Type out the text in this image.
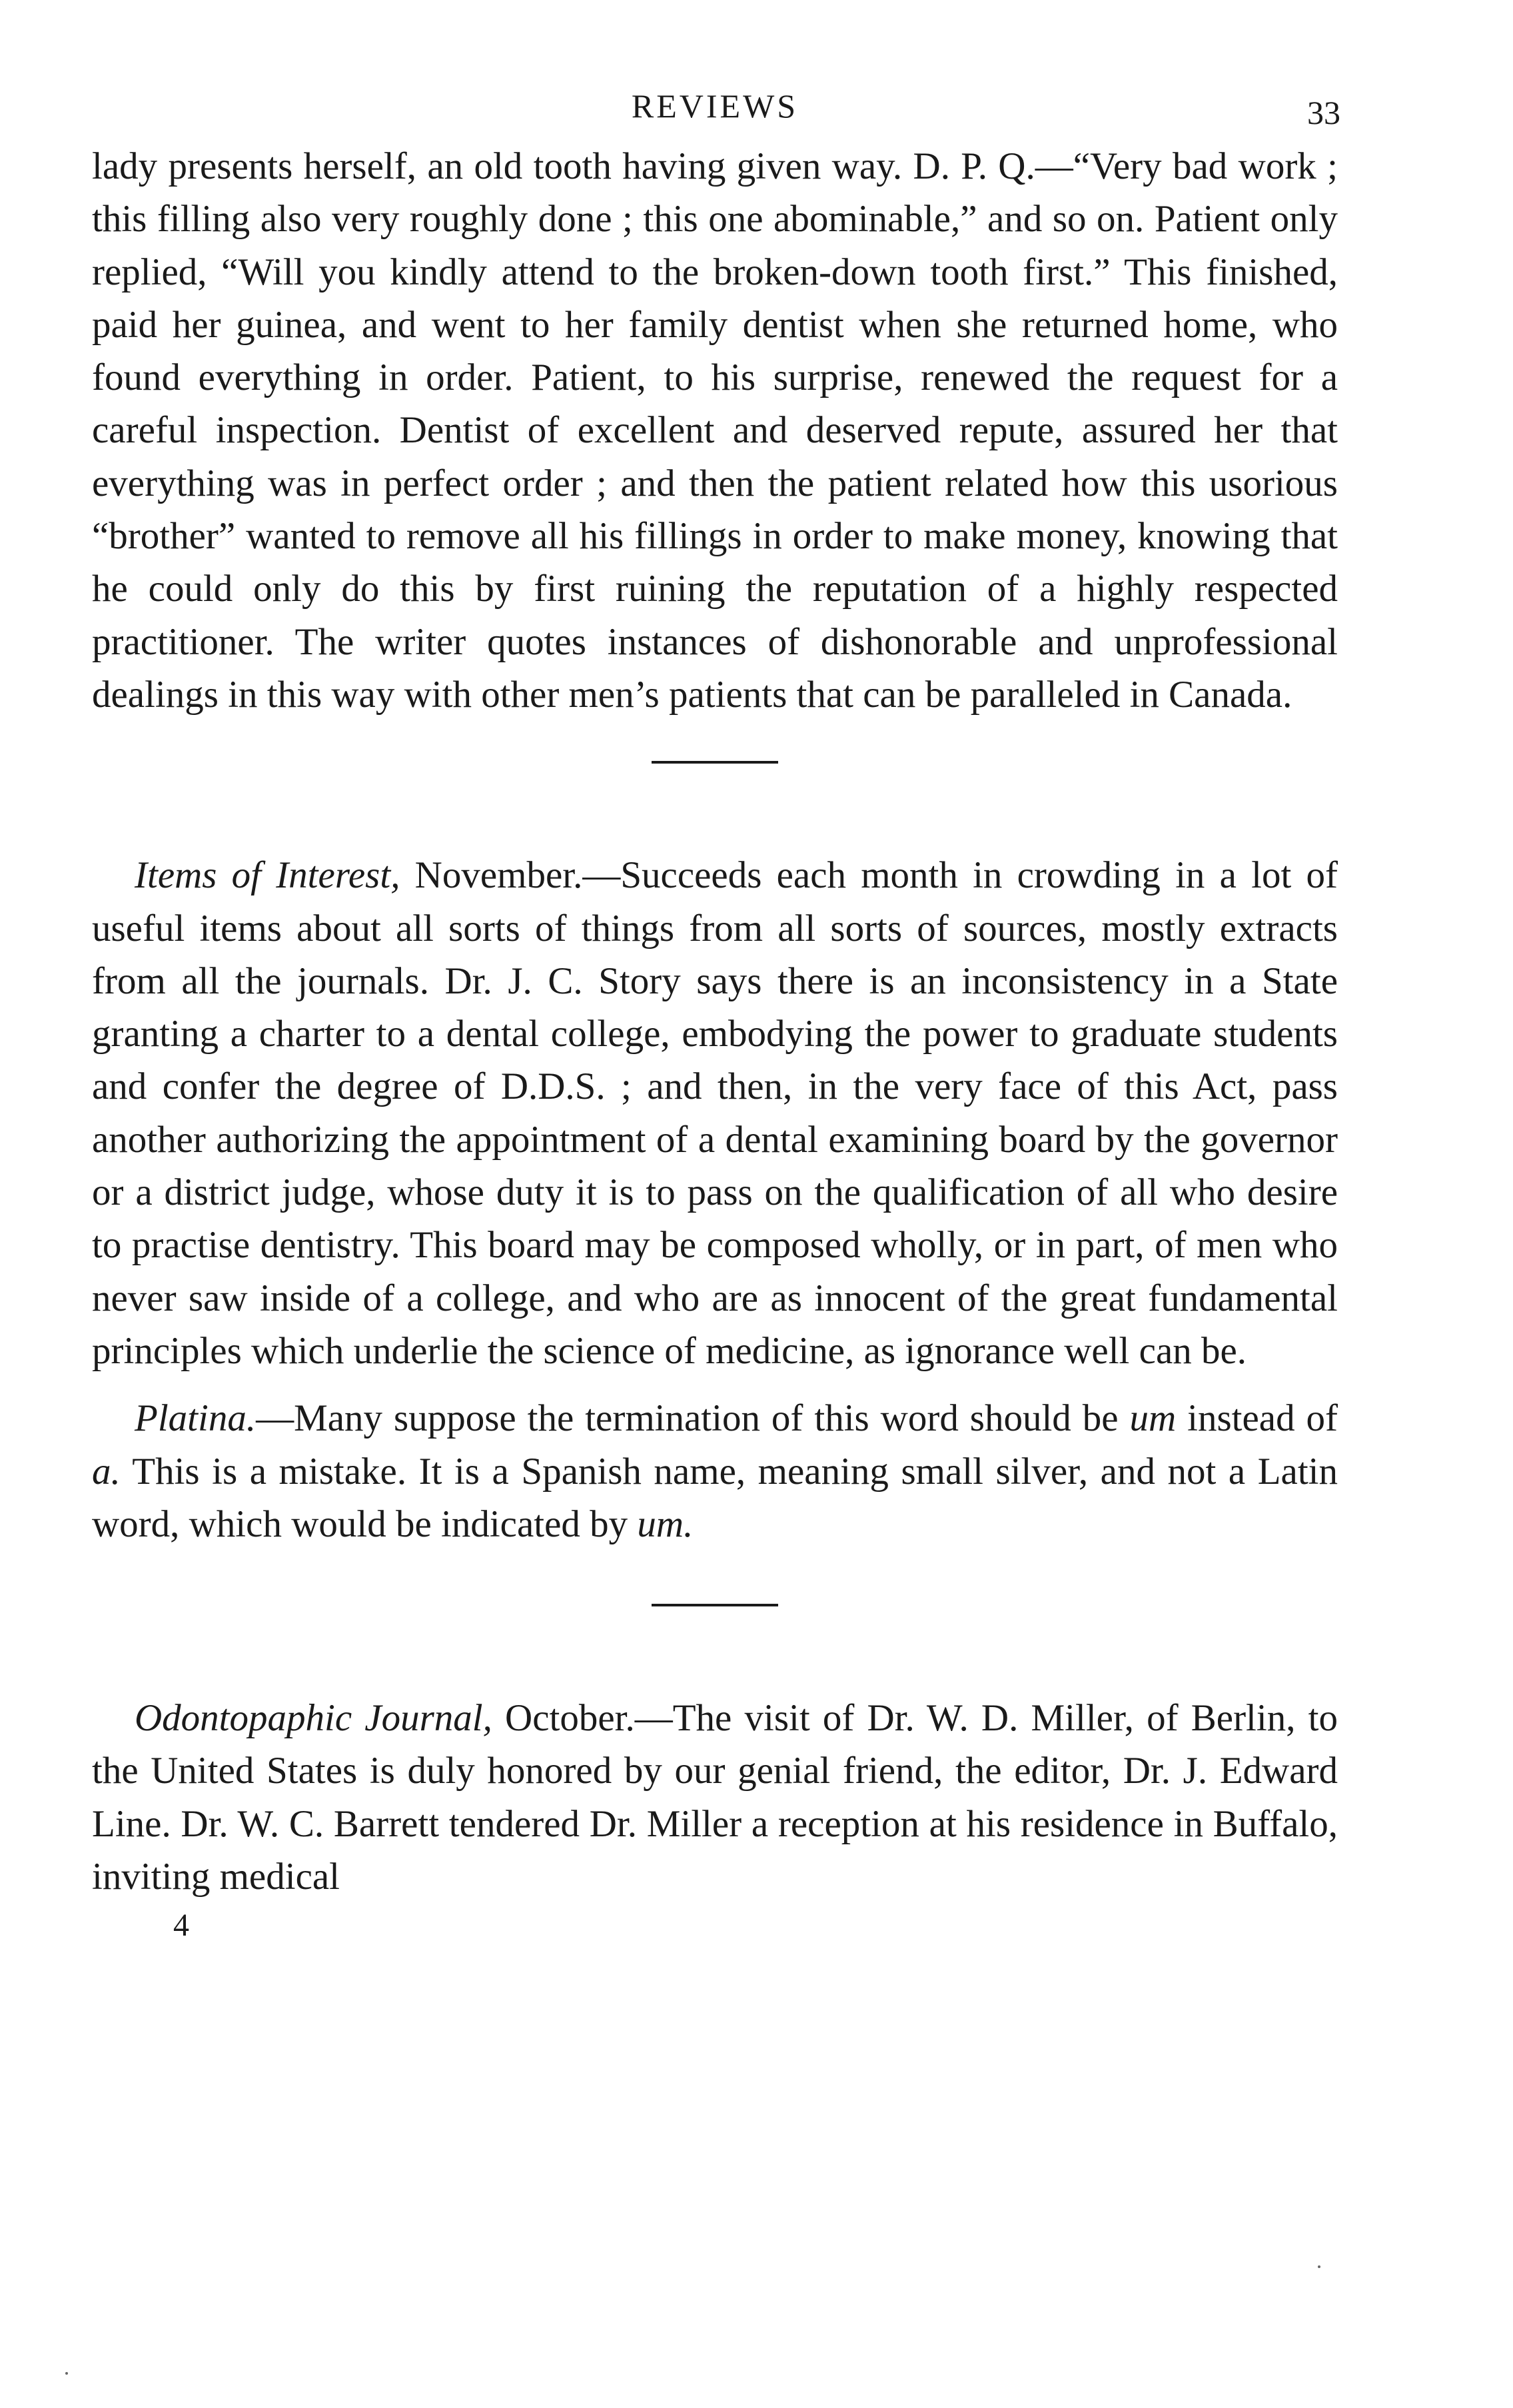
REVIEWS	33

lady presents herself, an old tooth having given way. D. P. Q.—“Very bad work ; this filling also very roughly done ; this one abominable,” and so on. Patient only replied, “Will you kindly attend to the broken-down tooth first.” This finished, paid her guinea, and went to her family dentist when she returned home, who found everything in order. Patient, to his surprise, renewed the request for a careful inspection. Dentist of excellent and deserved repute, assured her that everything was in perfect order ; and then the patient related how this usorious “brother” wanted to remove all his fillings in order to make money, knowing that he could only do this by first ruining the reputation of a highly respected practitioner. The writer quotes instances of dishonorable and unprofessional dealings in this way with other men’s patients that can be paralleled in Canada.

Items of Interest, November.—Succeeds each month in crowding in a lot of useful items about all sorts of things from all sorts of sources, mostly extracts from all the journals. Dr. J. C. Story says there is an inconsistency in a State granting a charter to a dental college, embodying the power to graduate students and confer the degree of D.D.S. ; and then, in the very face of this Act, pass another authorizing the appointment of a dental examining board by the governor or a district judge, whose duty it is to pass on the qualification of all who desire to practise dentistry. This board may be composed wholly, or in part, of men who never saw inside of a college, and who are as innocent of the great fundamental principles which underlie the science of medicine, as ignorance well can be.

Platina.—Many suppose the termination of this word should be um instead of a. This is a mistake. It is a Spanish name, meaning small silver, and not a Latin word, which would be indicated by um.

Odontopaphic Journal, October.—The visit of Dr. W. D. Miller, of Berlin, to the United States is duly honored by our genial friend, the editor, Dr. J. Edward Line. Dr. W. C. Barrett tendered Dr. Miller a reception at his residence in Buffalo, inviting medical

4
